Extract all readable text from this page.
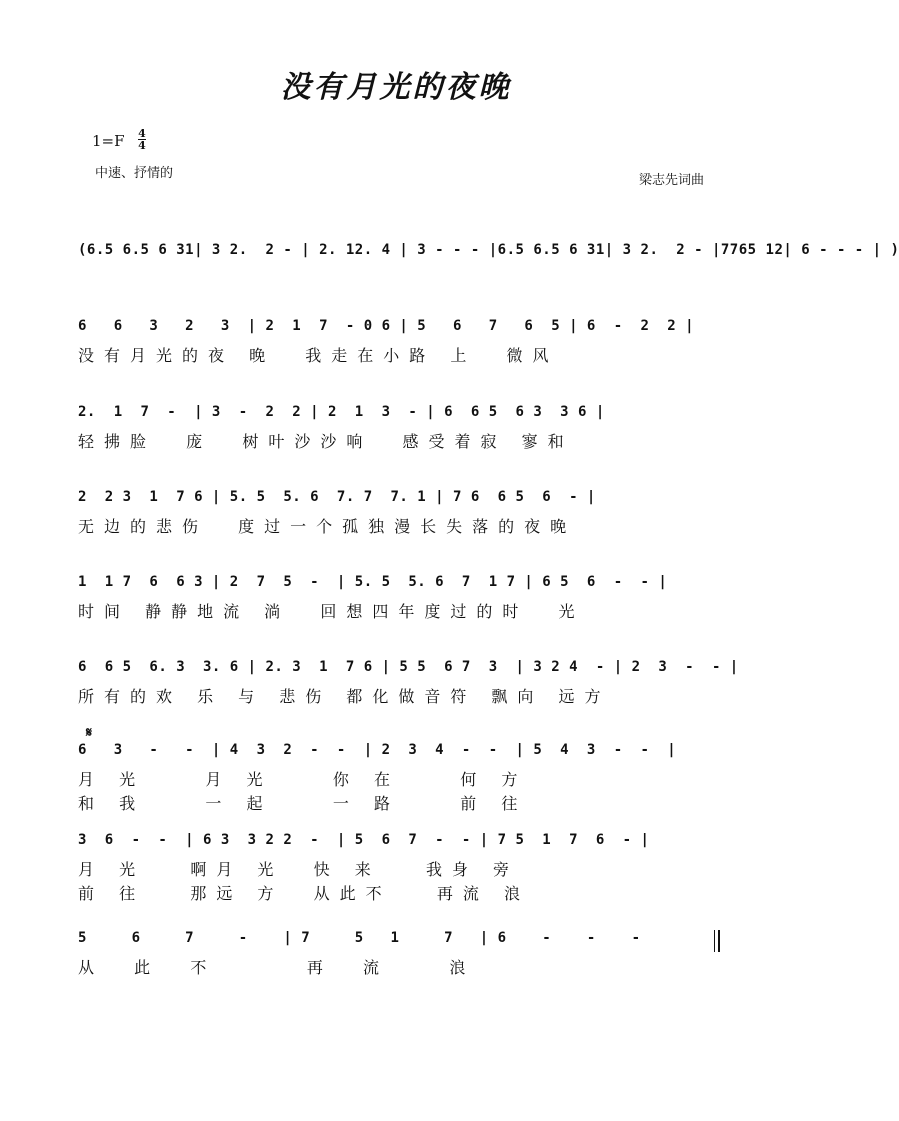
没有月光的夜晚
1=F 4
4
中速、抒情的	梁志先词曲
𝄋
(6.5 6.5 6 31| 3 2.  2 - | 2. 12. 4 | 3 - - - |6.5 6.5 6 31| 3 2.  2 - |7765 12| 6 - - - | )
6   6   3   2   3  | 2  1  7  - 0 6 | 5   6   7   6  5 | 6  -  2  2 |
没有月光的夜 晚  我走在小路 上  微风
2.  1  7  -  | 3  -  2  2 | 2  1  3  - | 6  6 5  6 3  3 6 |
轻拂脸  庞  树叶沙沙响  感受着寂 寥和
2  2 3  1  7 6 | 5. 5  5. 6  7. 7  7. 1 | 7 6  6 5  6  - |
无边的悲伤  度过一个孤独漫长失落的夜晚
1  1 7  6  6 3 | 2  7  5  -  | 5. 5  5. 6  7  1 7 | 6 5  6  -  - |
时间 静静地流 淌  回想四年度过的时  光
6  6 5  6. 3  3. 6 | 2. 3  1  7 6 | 5 5  6 7  3  | 3 2 4  - | 2  3  -  - |
所有的欢 乐 与 悲伤 都化做音符 飘向 远方
6   3   -   -  | 4  3  2  -  -  | 2  3  4  -  -  | 5  4  3  -  -  |
月 光    月 光    你 在    何 方
和 我    一 起    一 路    前 往
3  6  -  -  | 6 3  3 2 2  -  | 5  6  7  -  - | 7 5  1  7  6  - |
月 光   啊月 光  快 来   我身 旁
前 往   那远 方  从此不   再流 浪
5     6     7     -    | 7     5   1     7   | 6    -    -    -
从  此  不      再  流    浪
